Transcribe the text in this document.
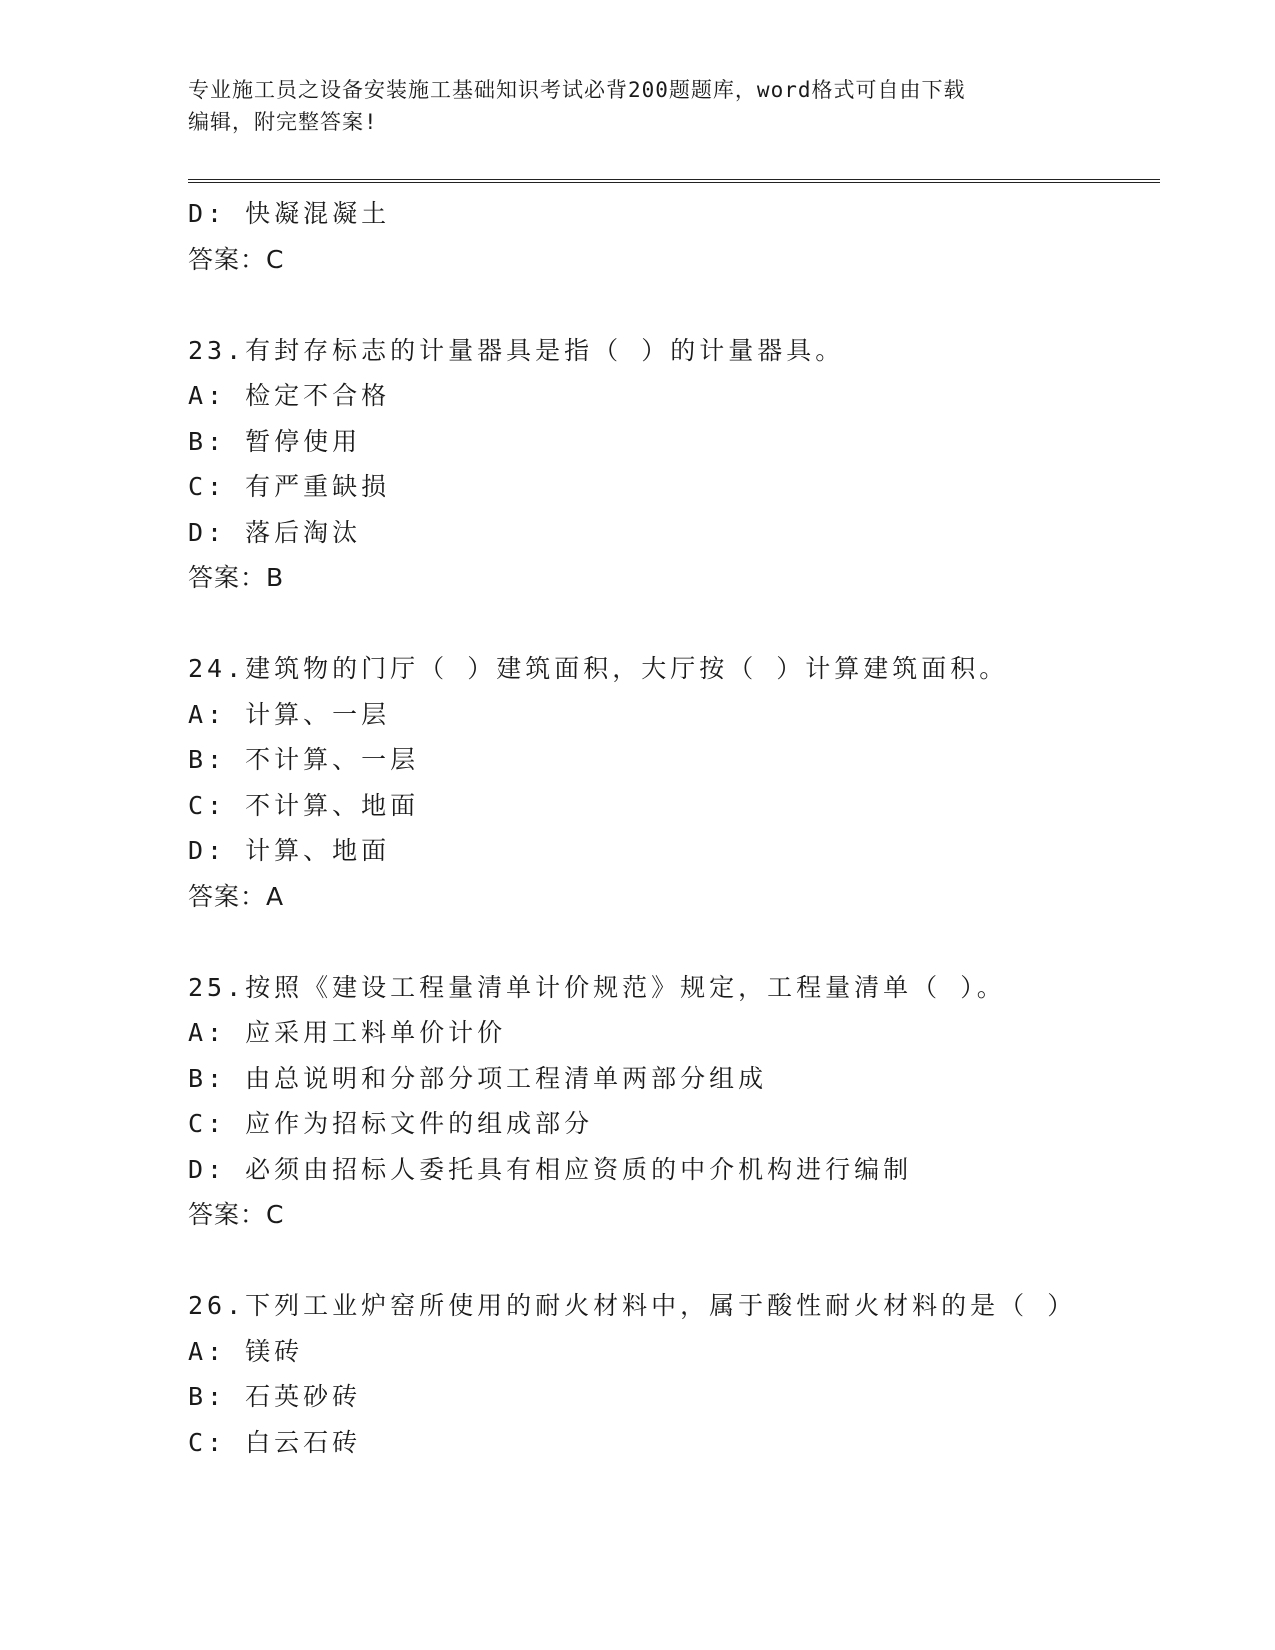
专业施工员之设备安装施工基础知识考试必背200题题库，word格式可自由下载
编辑，附完整答案!
D: 快凝混凝土
答案：C
23.有封存标志的计量器具是指（ ）的计量器具。
A: 检定不合格
B: 暂停使用
C: 有严重缺损
D: 落后淘汰
答案：B
24.建筑物的门厅（ ）建筑面积，大厅按（ ）计算建筑面积。
A: 计算、一层
B: 不计算、一层
C: 不计算、地面
D: 计算、地面
答案：A
25.按照《建设工程量清单计价规范》规定，工程量清单（ ）。
A: 应采用工料单价计价
B: 由总说明和分部分项工程清单两部分组成
C: 应作为招标文件的组成部分
D: 必须由招标人委托具有相应资质的中介机构进行编制
答案：C
26.下列工业炉窑所使用的耐火材料中，属于酸性耐火材料的是（ ）
A: 镁砖
B: 石英砂砖
C: 白云石砖
